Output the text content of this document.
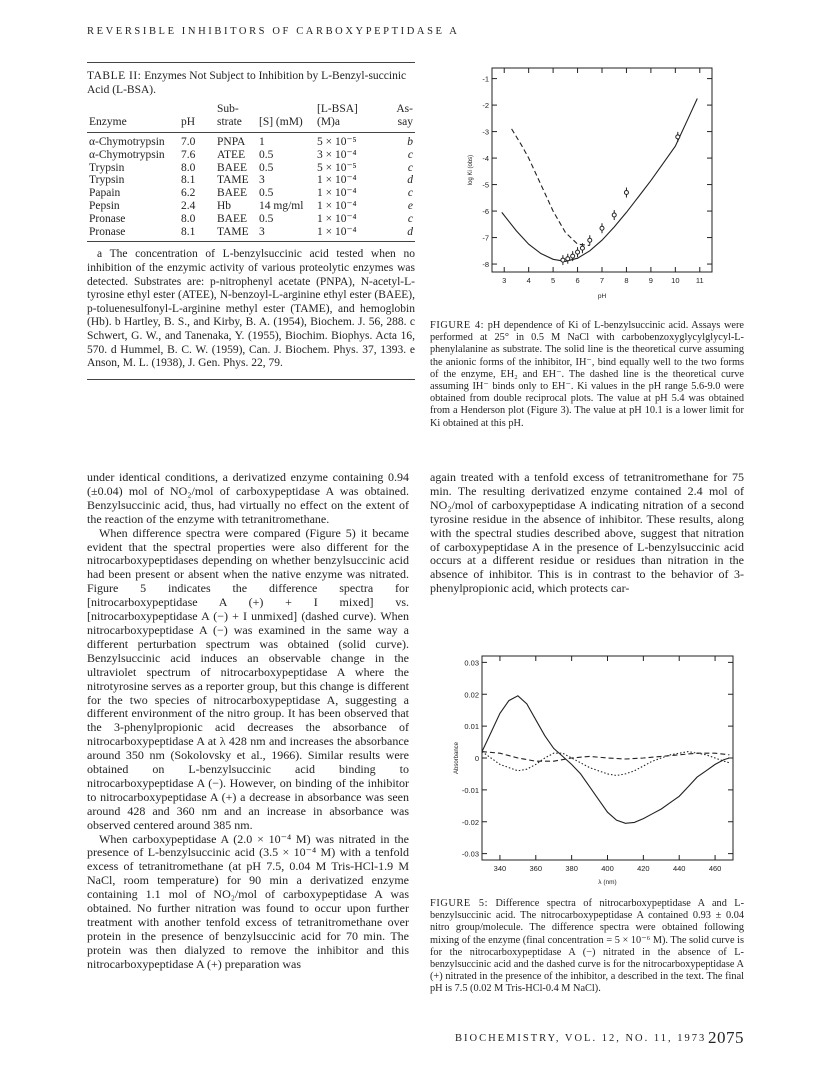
REVERSIBLE INHIBITORS OF CARBOXYPEPTIDASE A
TABLE II: Enzymes Not Subject to Inhibition by L-Benzyl-succinic Acid (L-BSA).
		Sub-		[L-BSA]	As-
Enzyme	pH	strate	[S] (mM)	(M)a	say
α-Chymotrypsin	7.0	PNPA	1	5 × 10⁻⁵	b
α-Chymotrypsin	7.6	ATEE	0.5	3 × 10⁻⁴	c
Trypsin	8.0	BAEE	0.5	5 × 10⁻⁵	c
Trypsin	8.1	TAME	3	1 × 10⁻⁴	d
Papain	6.2	BAEE	0.5	1 × 10⁻⁴	c
Pepsin	2.4	Hb	14 mg/ml	1 × 10⁻⁴	e
Pronase	8.0	BAEE	0.5	1 × 10⁻⁴	c
Pronase	8.1	TAME	3	1 × 10⁻⁴	d

a The concentration of L-benzylsuccinic acid tested when no inhibition of the enzymic activity of various proteolytic enzymes was detected. Substrates are: p-nitrophenyl acetate (PNPA), N-acetyl-L-tyrosine ethyl ester (ATEE), N-benzoyl-L-arginine ethyl ester (BAEE), p-toluenesulfonyl-L-arginine methyl ester (TAME), and hemoglobin (Hb). b Hartley, B. S., and Kirby, B. A. (1954), Biochem. J. 56, 288. c Schwert, G. W., and Tanenaka, Y. (1955), Biochim. Biophys. Acta 16, 570. d Hummel, B. C. W. (1959), Can. J. Biochem. Phys. 37, 1393. e Anson, M. L. (1938), J. Gen. Phys. 22, 79.

3	4	5	6	7	8	9 10 11
-1
-2
-3
-4
-5
-6
-7
-8
pH
log Ki (obs)
FIGURE 4: pH dependence of Ki of L-benzylsuccinic acid. Assays were performed at 25° in 0.5 M NaCl with carbobenzoxyglycylglycyl-L-phenylalanine as substrate. The solid line is the theoretical curve assuming the anionic forms of the inhibitor, IH⁻, bind equally well to the two forms of the enzyme, EH₂ and EH⁻. The dashed line is the theoretical curve assuming IH⁻ binds only to EH⁻. Ki values in the pH range 5.6-9.0 were obtained from double reciprocal plots. The value at pH 5.4 was obtained from a Henderson plot (Figure 3). The value at pH 10.1 is a lower limit for Ki obtained at this pH.

under identical conditions, a derivatized enzyme containing 0.94 (±0.04) mol of NO₂/mol of carboxypeptidase A was obtained. Benzylsuccinic acid, thus, had virtually no effect on the extent of the reaction of the enzyme with tetranitromethane.

When difference spectra were compared (Figure 5) it became evident that the spectral properties were also different for the nitrocarboxypeptidases depending on whether benzylsuccinic acid had been present or absent when the native enzyme was nitrated. Figure 5 indicates the difference spectra for [nitrocarboxypeptidase A (+) + I mixed] vs. [nitrocarboxypeptidase A (−) + I unmixed] (dashed curve). When nitrocarboxypeptidase A (−) was examined in the same way a different perturbation spectrum was obtained (solid curve). Benzylsuccinic acid induces an observable change in the ultraviolet spectrum of nitrocarboxypeptidase A where the nitrotyrosine serves as a reporter group, but this change is different for the two species of nitrocarboxypeptidase A, suggesting a different environment of the nitro group. It has been observed that the 3-phenylpropionic acid decreases the absorbance of nitrocarboxypeptidase A at λ 428 nm and increases the absorbance around 350 nm (Sokolovsky et al., 1966). Similar results were obtained on L-benzylsuccinic acid binding to nitrocarboxypeptidase A (−). However, on binding of the inhibitor to nitrocarboxypeptidase A (+) a decrease in absorbance was seen around 428 and 360 nm and an increase in absorbance was observed centered around 385 nm.

When carboxypeptidase A (2.0 × 10⁻⁴ M) was nitrated in the presence of L-benzylsuccinic acid (3.5 × 10⁻⁴ M) with a tenfold excess of tetranitromethane (at pH 7.5, 0.04 M Tris-HCl-1.9 M NaCl, room temperature) for 90 min a derivatized enzyme containing 1.1 mol of NO₂/mol of carboxypeptidase A was obtained. No further nitration was found to occur upon further treatment with another tenfold excess of tetranitromethane over protein in the presence of benzylsuccinic acid for 70 min. The protein was then dialyzed to remove the inhibitor and this nitrocarboxypeptidase A (+) preparation was

again treated with a tenfold excess of tetranitromethane for 75 min. The resulting derivatized enzyme contained 2.4 mol of NO₂/mol of carboxypeptidase A indicating nitration of a second tyrosine residue in the absence of inhibitor. These results, along with the spectral studies described above, suggest that nitration of carboxypeptidase A in the presence of L-benzylsuccinic acid occurs at a different residue or residues than nitration in the absence of inhibitor. This is in contrast to the behavior of 3-phenylpropionic acid, which protects car-

340	360	380	400	420	440	460
0.03
0.02
0.01
0
-0.01
-0.02
-0.03
λ (nm)
Absorbance
FIGURE 5: Difference spectra of nitrocarboxypeptidase A and L-benzylsuccinic acid. The nitrocarboxypeptidase A contained 0.93 ± 0.04 nitro group/molecule. The difference spectra were obtained following mixing of the enzyme (final concentration = 5 × 10⁻⁶ M). The solid curve is for the nitrocarboxypeptidase A (−) nitrated in the absence of L-benzylsuccinic acid and the dashed curve is for the nitrocarboxypeptidase A (+) nitrated in the presence of the inhibitor, a described in the text. The final pH is 7.5 (0.02 M Tris-HCl-0.4 M NaCl).
BIOCHEMISTRY, VOL. 12, NO. 11, 1973 2075
